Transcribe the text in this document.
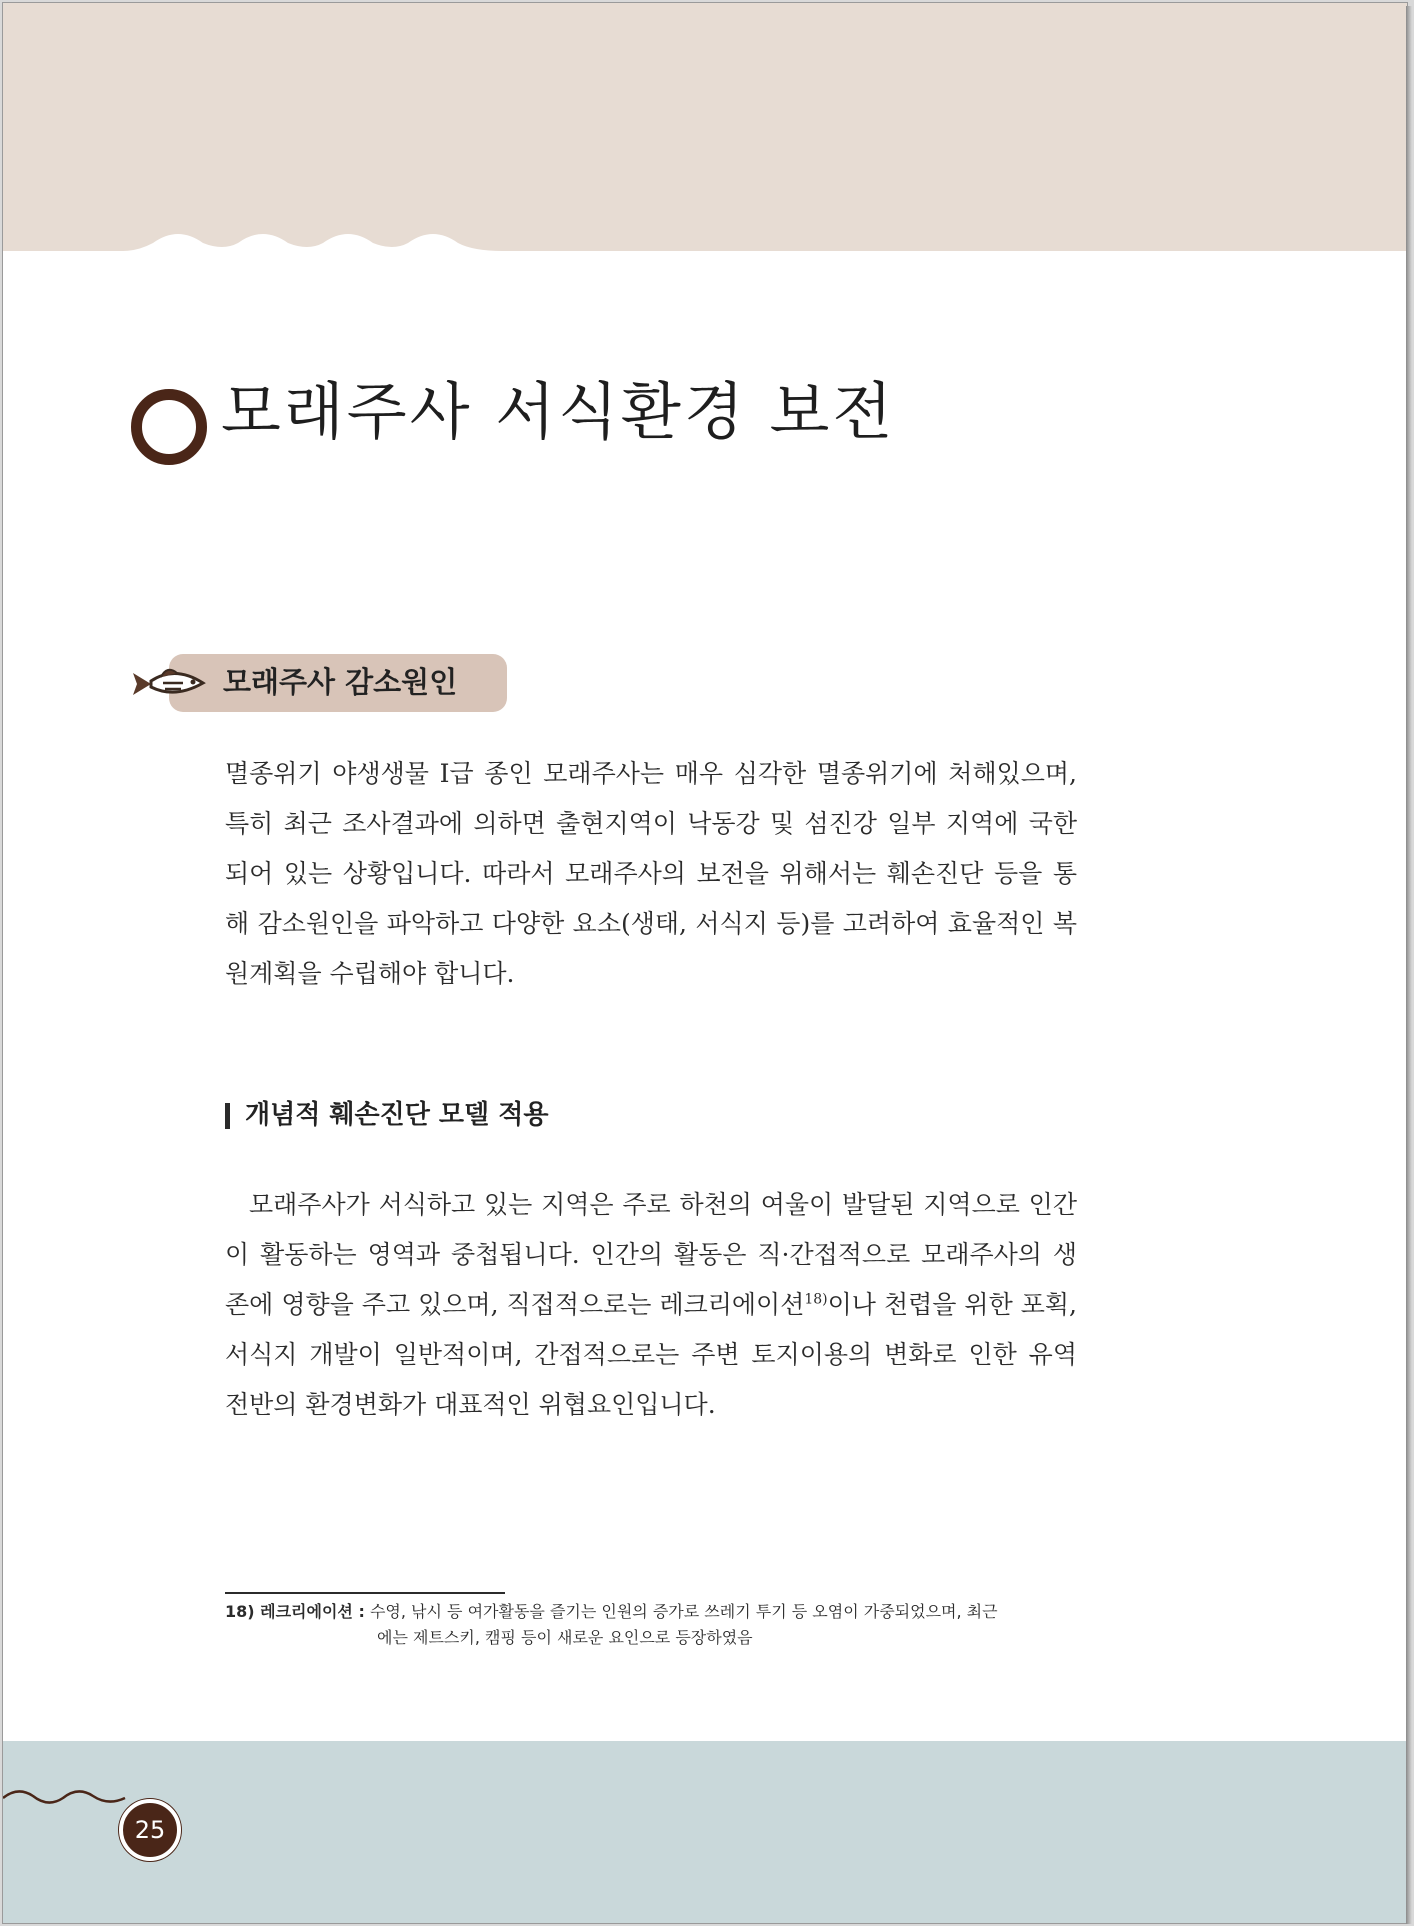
모래주사 서식환경 보전
모래주사 감소원인

멸종위기 야생생물 I급 종인 모래주사는 매우 심각한 멸종위기에 처해있으며, 특히 최근 조사결과에 의하면 출현지역이 낙동강 및 섬진강 일부 지역에 국한되어 있는 상황입니다. 따라서 모래주사의 보전을 위해서는 훼손진단 등을 통해 감소원인을 파악하고 다양한 요소(생태, 서식지 등)를 고려하여 효율적인 복원계획을 수립해야 합니다.

개념적 훼손진단 모델 적용

모래주사가 서식하고 있는 지역은 주로 하천의 여울이 발달된 지역으로 인간이 활동하는 영역과 중첩됩니다. 인간의 활동은 직·간접적으로 모래주사의 생존에 영향을 주고 있으며, 직접적으로는 레크리에이션$^{18)}$이나 천렵을 위한 포획, 서식지 개발이 일반적이며, 간접적으로는 주변 토지이용의 변화로 인한 유역 전반의 환경변화가 대표적인 위협요인입니다.

18) 레크리에이션 : 수영, 낚시 등 여가활동을 즐기는 인원의 증가로 쓰레기 투기 등 오염이 가중되었으며, 최근
에는 제트스키, 캠핑 등이 새로운 요인으로 등장하였음

25
